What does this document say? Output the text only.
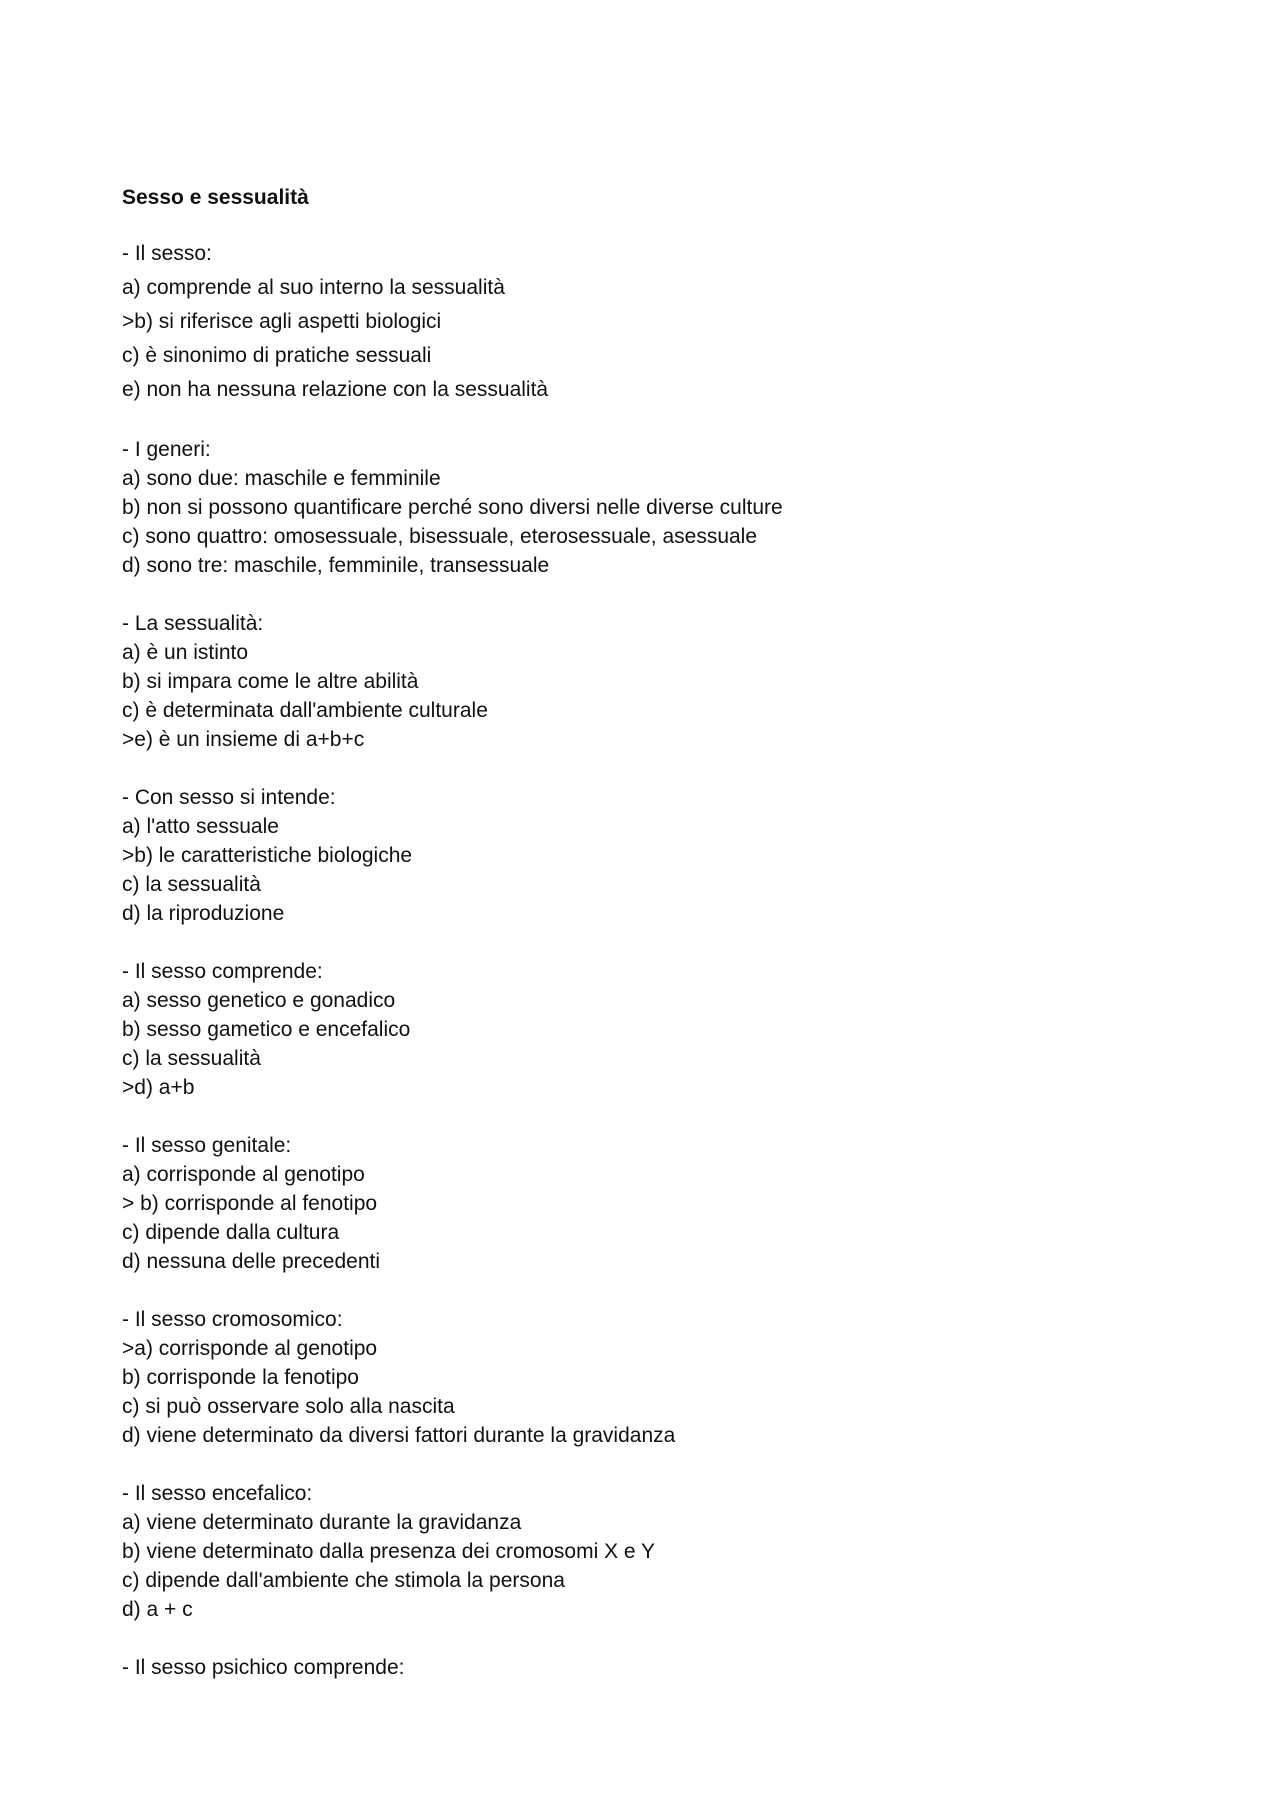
Sesso e sessualità
- Il sesso:
a) comprende al suo interno la sessualità
>b) si riferisce agli aspetti biologici
c) è sinonimo di pratiche sessuali
e) non ha nessuna relazione con la sessualità
- I generi:
a) sono due: maschile e femminile
b) non si possono quantificare perché sono diversi nelle diverse culture
c) sono quattro: omosessuale, bisessuale, eterosessuale, asessuale
d) sono tre: maschile, femminile, transessuale
- La sessualità:
a) è un istinto
b) si impara come le altre abilità
c) è determinata dall'ambiente culturale
>e) è un insieme di a+b+c
- Con sesso si intende:
a) l'atto sessuale
>b) le caratteristiche biologiche
c) la sessualità
d) la riproduzione
- Il sesso comprende:
a) sesso genetico e gonadico
b) sesso gametico e encefalico
c) la sessualità
>d) a+b
- Il sesso genitale:
a) corrisponde al genotipo
> b) corrisponde al fenotipo
c) dipende dalla cultura
d) nessuna delle precedenti
- Il sesso cromosomico:
>a) corrisponde al genotipo
b) corrisponde la fenotipo
c) si può osservare solo alla nascita
d) viene determinato da diversi fattori durante la gravidanza
- Il sesso encefalico:
a) viene determinato durante la gravidanza
b) viene determinato dalla presenza dei cromosomi X e Y
c) dipende dall'ambiente che stimola la persona
d) a + c
- Il sesso psichico comprende:
